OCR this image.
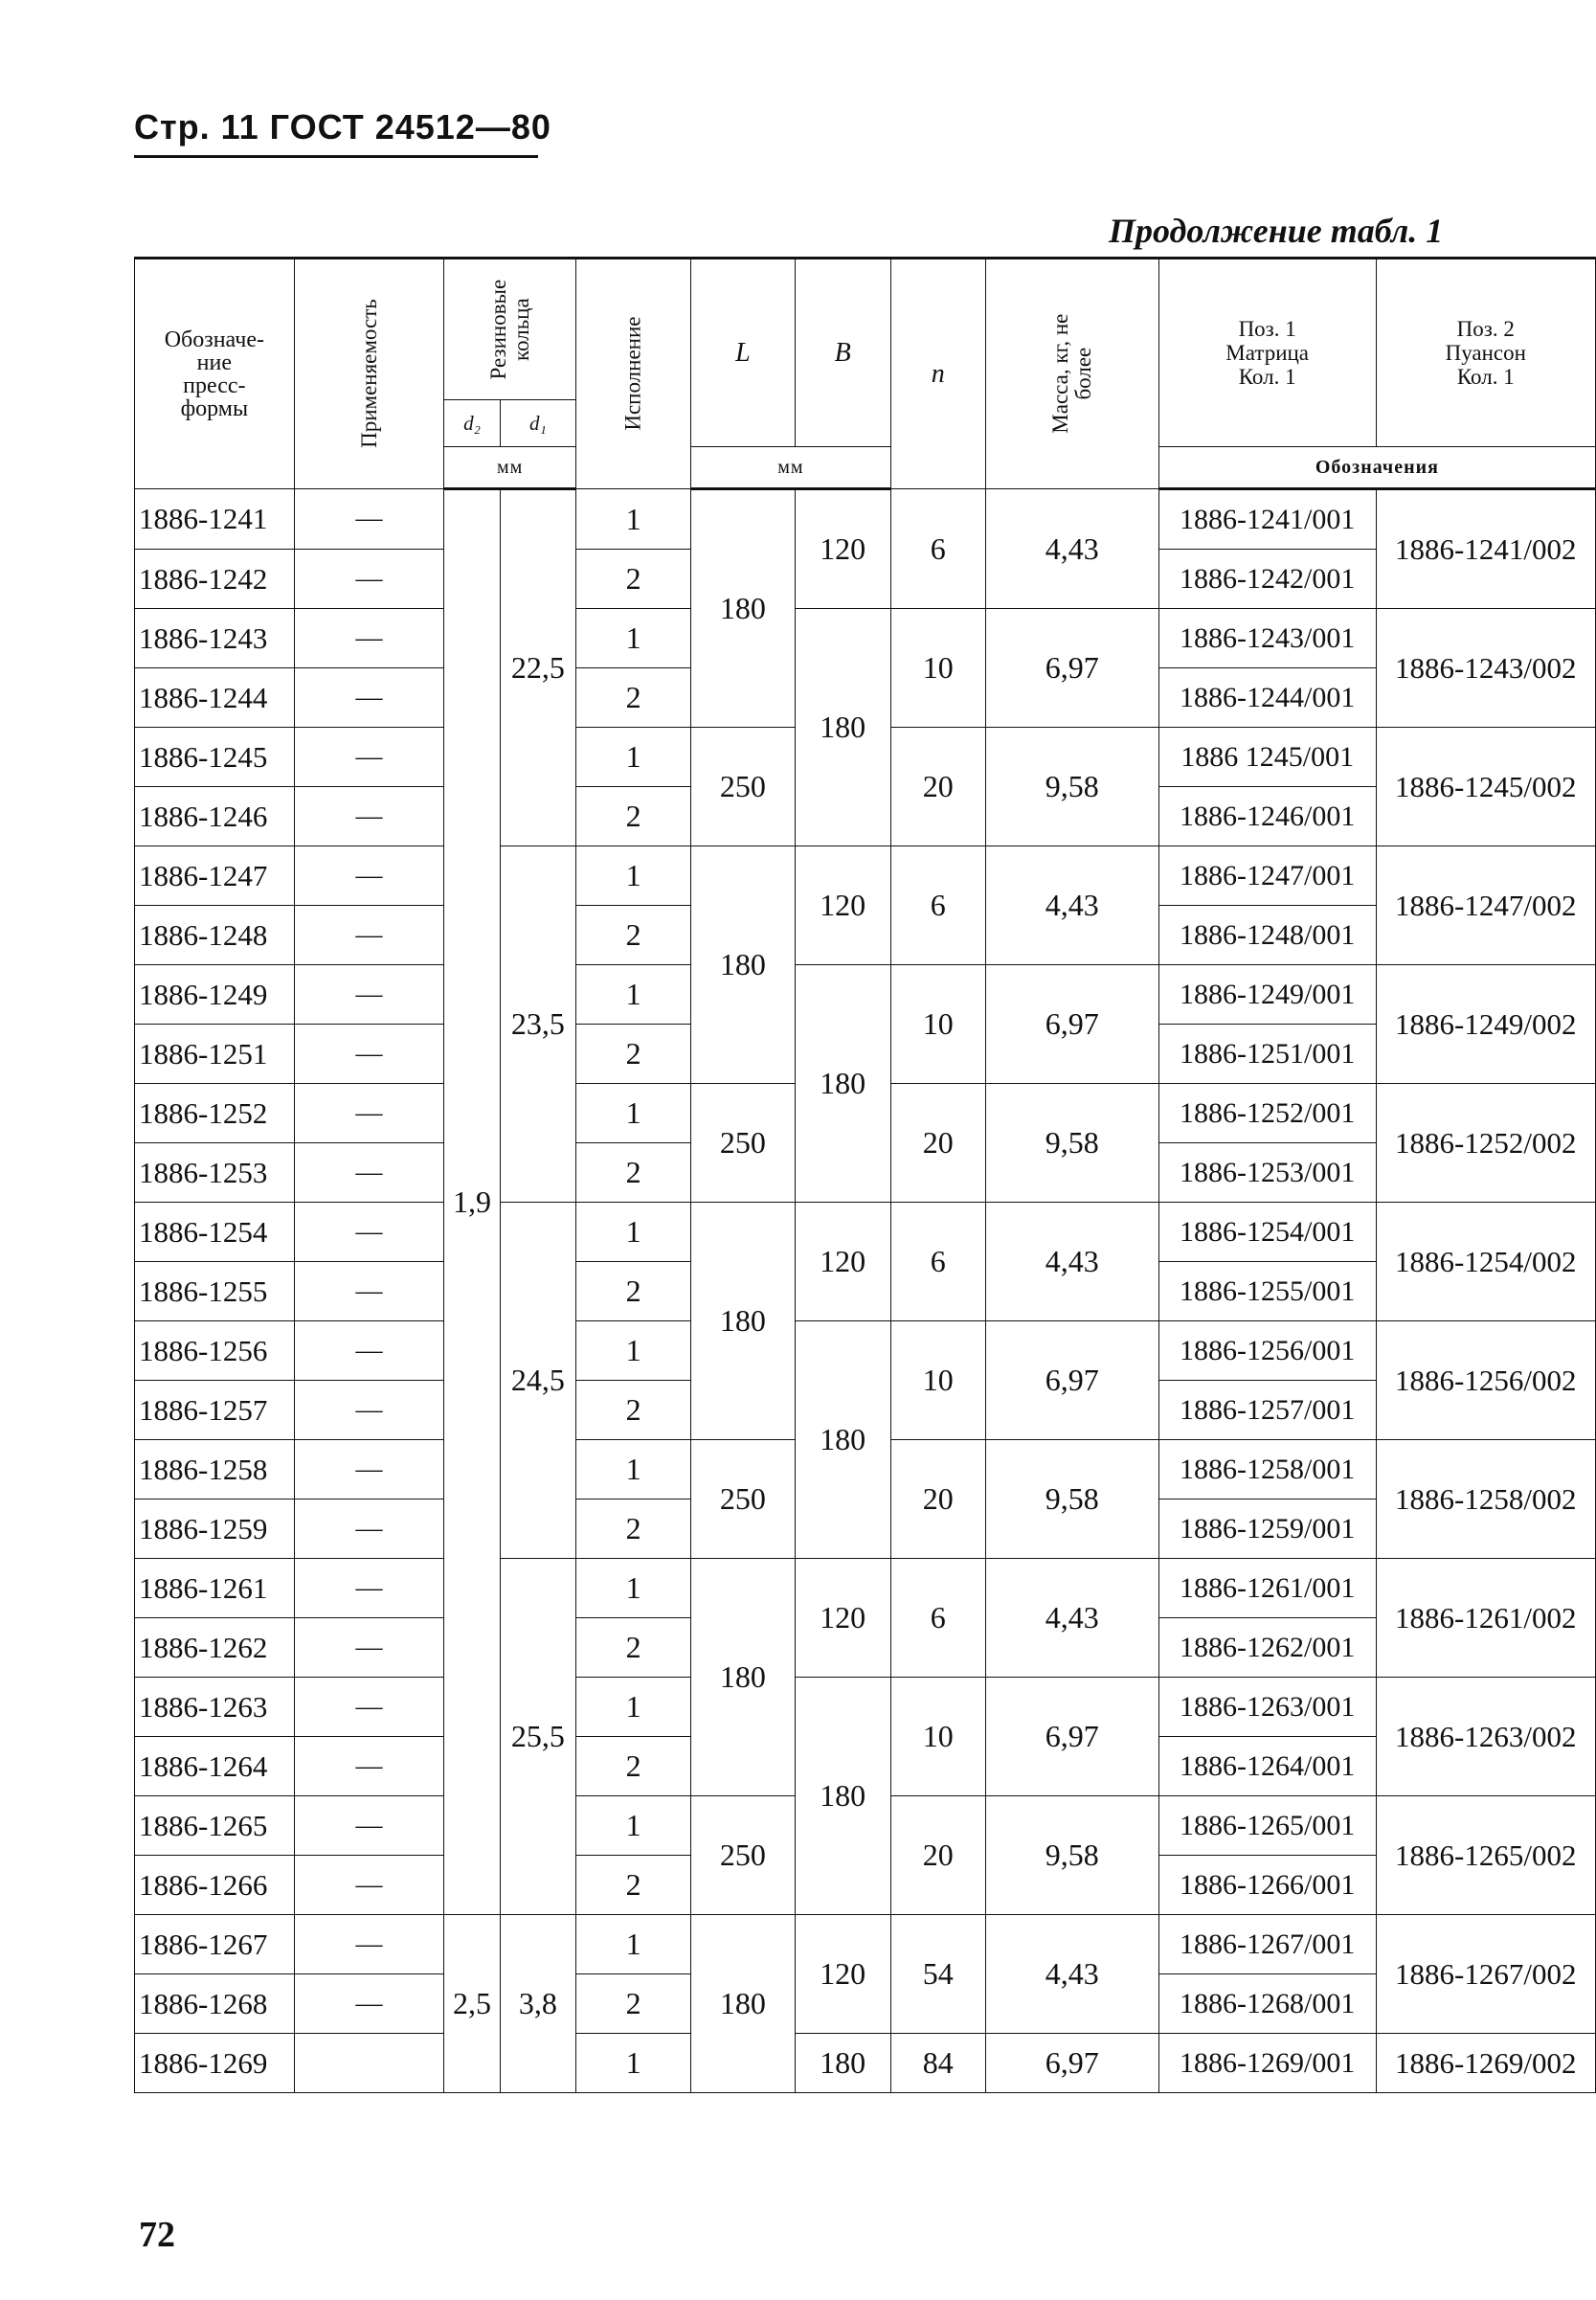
Стр. 11 ГОСТ 24512—80
Продолжение табл. 1
Обозначе-
ние
пресс-
формы	Применяемость	Резиновые кольца		Исполнение	L	B	n	Масса, кг, не более	Поз. 1
Матрица
Кол. 1	Поз. 2
Пуансон
Кол. 1
		d₂	d₁							
		мм			мм				Обозначения	
1886-1241	—	1,9	22,5	1	180	120	6	4,43	1886-1241/001	1886-1241/002
1886-1242	—			2					1886-1242/001	
1886-1243	—			1		180	10	6,97	1886-1243/001	1886-1243/002
1886-1244	—			2					1886-1244/001	
1886-1245	—			1	250		20	9,58	1886 1245/001	1886-1245/002
1886-1246	—			2					1886-1246/001	
1886-1247	—		23,5	1	180	120	6	4,43	1886-1247/001	1886-1247/002
1886-1248	—			2					1886-1248/001	
1886-1249	—			1		180	10	6,97	1886-1249/001	1886-1249/002
1886-1251	—			2					1886-1251/001	
1886-1252	—			1	250		20	9,58	1886-1252/001	1886-1252/002
1886-1253	—			2					1886-1253/001	
1886-1254	—		24,5	1	180	120	6	4,43	1886-1254/001	1886-1254/002
1886-1255	—			2					1886-1255/001	
1886-1256	—			1		180	10	6,97	1886-1256/001	1886-1256/002
1886-1257	—			2					1886-1257/001	
1886-1258	—			1	250		20	9,58	1886-1258/001	1886-1258/002
1886-1259	—			2					1886-1259/001	
1886-1261	—		25,5	1	180	120	6	4,43	1886-1261/001	1886-1261/002
1886-1262	—			2					1886-1262/001	
1886-1263	—			1		180	10	6,97	1886-1263/001	1886-1263/002
1886-1264	—			2					1886-1264/001	
1886-1265	—			1	250		20	9,58	1886-1265/001	1886-1265/002
1886-1266	—			2					1886-1266/001	
1886-1267	—	2,5	3,8	1	180	120	54	4,43	1886-1267/001	1886-1267/002
1886-1268	—			2					1886-1268/001	
1886-1269				1		180	84	6,97	1886-1269/001	1886-1269/002
72
